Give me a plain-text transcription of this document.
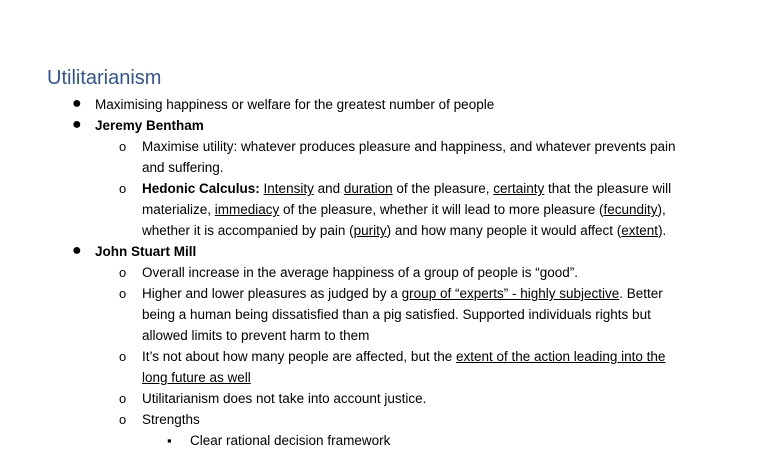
Utilitarianism
● Maximising happiness or welfare for the greatest number of people
● Jeremy Bentham
o Maximise utility: whatever produces pleasure and happiness, and whatever prevents pain
and suffering.
o Hedonic Calculus: Intensity and duration of the pleasure, certainty that the pleasure will
materialize, immediacy of the pleasure, whether it will lead to more pleasure (fecundity),
whether it is accompanied by pain (purity) and how many people it would affect (extent).
● John Stuart Mill
o Overall increase in the average happiness of a group of people is “good”.
o Higher and lower pleasures as judged by a group of “experts” - highly subjective. Better
being a human being dissatisfied than a pig satisfied. Supported individuals rights but
allowed limits to prevent harm to them
o It’s not about how many people are affected, but the extent of the action leading into the
long future as well
o Utilitarianism does not take into account justice.
o Strengths
▪ Clear rational decision framework
